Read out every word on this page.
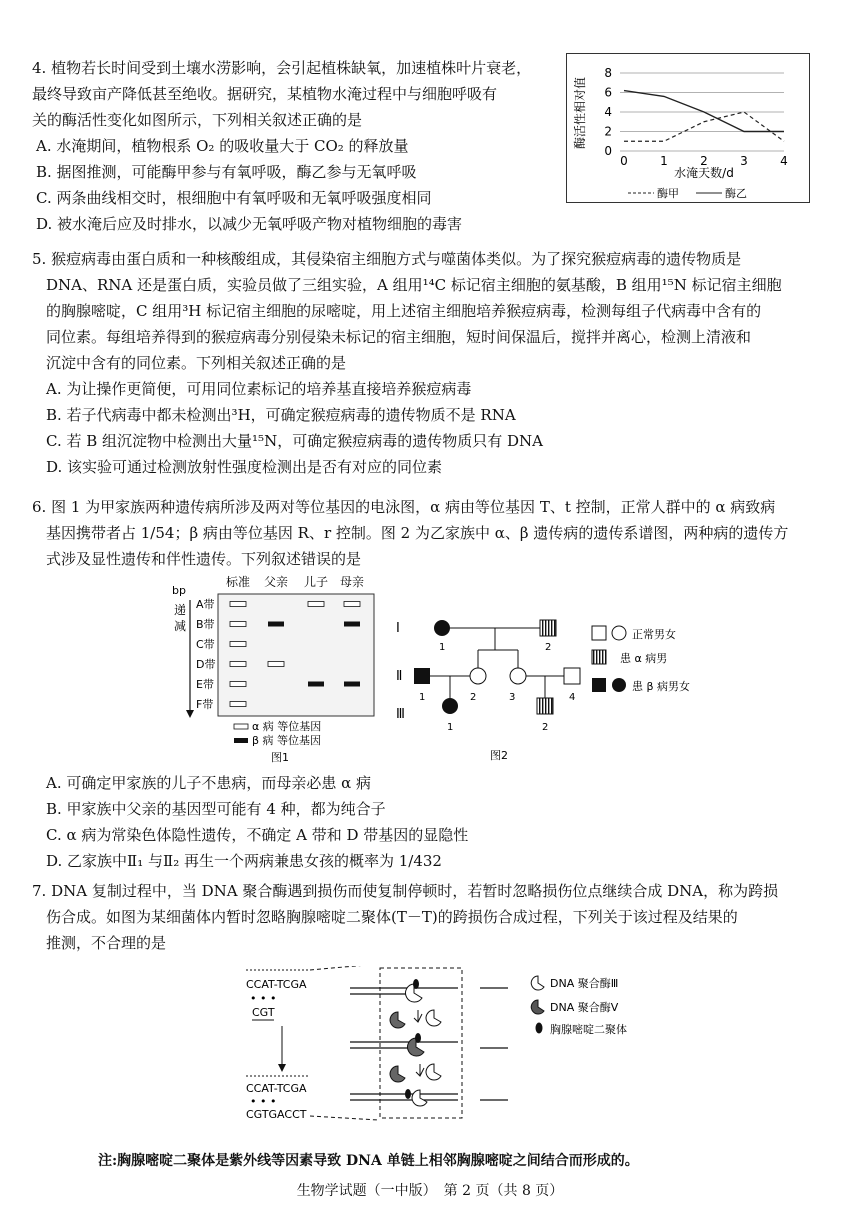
4. 植物若长时间受到土壤水涝影响，会引起植株缺氧，加速植株叶片衰老，
最终导致亩产降低甚至绝收。据研究，某植物水淹过程中与细胞呼吸有
关的酶活性变化如图所示，下列相关叙述正确的是
A. 水淹期间，植物根系 O₂ 的吸收量大于 CO₂ 的释放量
B. 据图推测，可能酶甲参与有氧呼吸，酶乙参与无氧呼吸
C. 两条曲线相交时，根细胞中有氧呼吸和无氧呼吸强度相同
D. 被水淹后应及时排水，以减少无氧呼吸产物对植物细胞的毒害
酶活性相对值
8
6
4
2
0
0	1	2	3	4
水淹天数/d
酶甲	酶乙
5. 猴痘病毒由蛋白质和一种核酸组成，其侵染宿主细胞方式与噬菌体类似。为了探究猴痘病毒的遗传物质是
DNA、RNA 还是蛋白质，实验员做了三组实验，A 组用¹⁴C 标记宿主细胞的氨基酸，B 组用¹⁵N 标记宿主细胞
的胸腺嘧啶，C 组用³H 标记宿主细胞的尿嘧啶，用上述宿主细胞培养猴痘病毒，检测每组子代病毒中含有的
同位素。每组培养得到的猴痘病毒分别侵染未标记的宿主细胞，短时间保温后，搅拌并离心，检测上清液和
沉淀中含有的同位素。下列相关叙述正确的是
A. 为让操作更简便，可用同位素标记的培养基直接培养猴痘病毒
B. 若子代病毒中都未检测出³H，可确定猴痘病毒的遗传物质不是 RNA
C. 若 B 组沉淀物中检测出大量¹⁵N，可确定猴痘病毒的遗传物质只有 DNA
D. 该实验可通过检测放射性强度检测出是否有对应的同位素
6. 图 1 为甲家族两种遗传病所涉及两对等位基因的电泳图，α 病由等位基因 T、t 控制，正常人群中的 α 病致病
基因携带者占 1/54；β 病由等位基因 R、r 控制。图 2 为乙家族中 α、β 遗传病的遗传系谱图，两种病的遗传方
式涉及显性遗传和伴性遗传。下列叙述错误的是
bp
递
减
标准 父亲 儿子 母亲
A带
B带
C带
D带
E带
F带
α 病 等位基因
β 病 等位基因
图1
Ⅰ
Ⅱ
Ⅲ
1	2
1	2	3	4
1	2
正常男女
患 α 病男
患 β 病男女
图2
A. 可确定甲家族的儿子不患病，而母亲必患 α 病
B. 甲家族中父亲的基因型可能有 4 种，都为纯合子
C. α 病为常染色体隐性遗传，不确定 A 带和 D 带基因的显隐性
D. 乙家族中Ⅱ₁ 与Ⅱ₂ 再生一个两病兼患女孩的概率为 1/432
7. DNA 复制过程中，当 DNA 聚合酶遇到损伤而使复制停顿时，若暂时忽略损伤位点继续合成 DNA，称为跨损
伤合成。如图为某细菌体内暂时忽略胸腺嘧啶二聚体(T－T)的跨损伤合成过程，下列关于该过程及结果的
推测，不合理的是
CCAT-TCGA
• • •
CGT
CCAT-TCGA
• • •
CGTGACCT
DNA 聚合酶Ⅲ
DNA 聚合酶Ⅴ
胸腺嘧啶二聚体
注:胸腺嘧啶二聚体是紫外线等因素导致 DNA 单链上相邻胸腺嘧啶之间结合而形成的。
生物学试题（一中版）　第 2 页（共 8 页）
